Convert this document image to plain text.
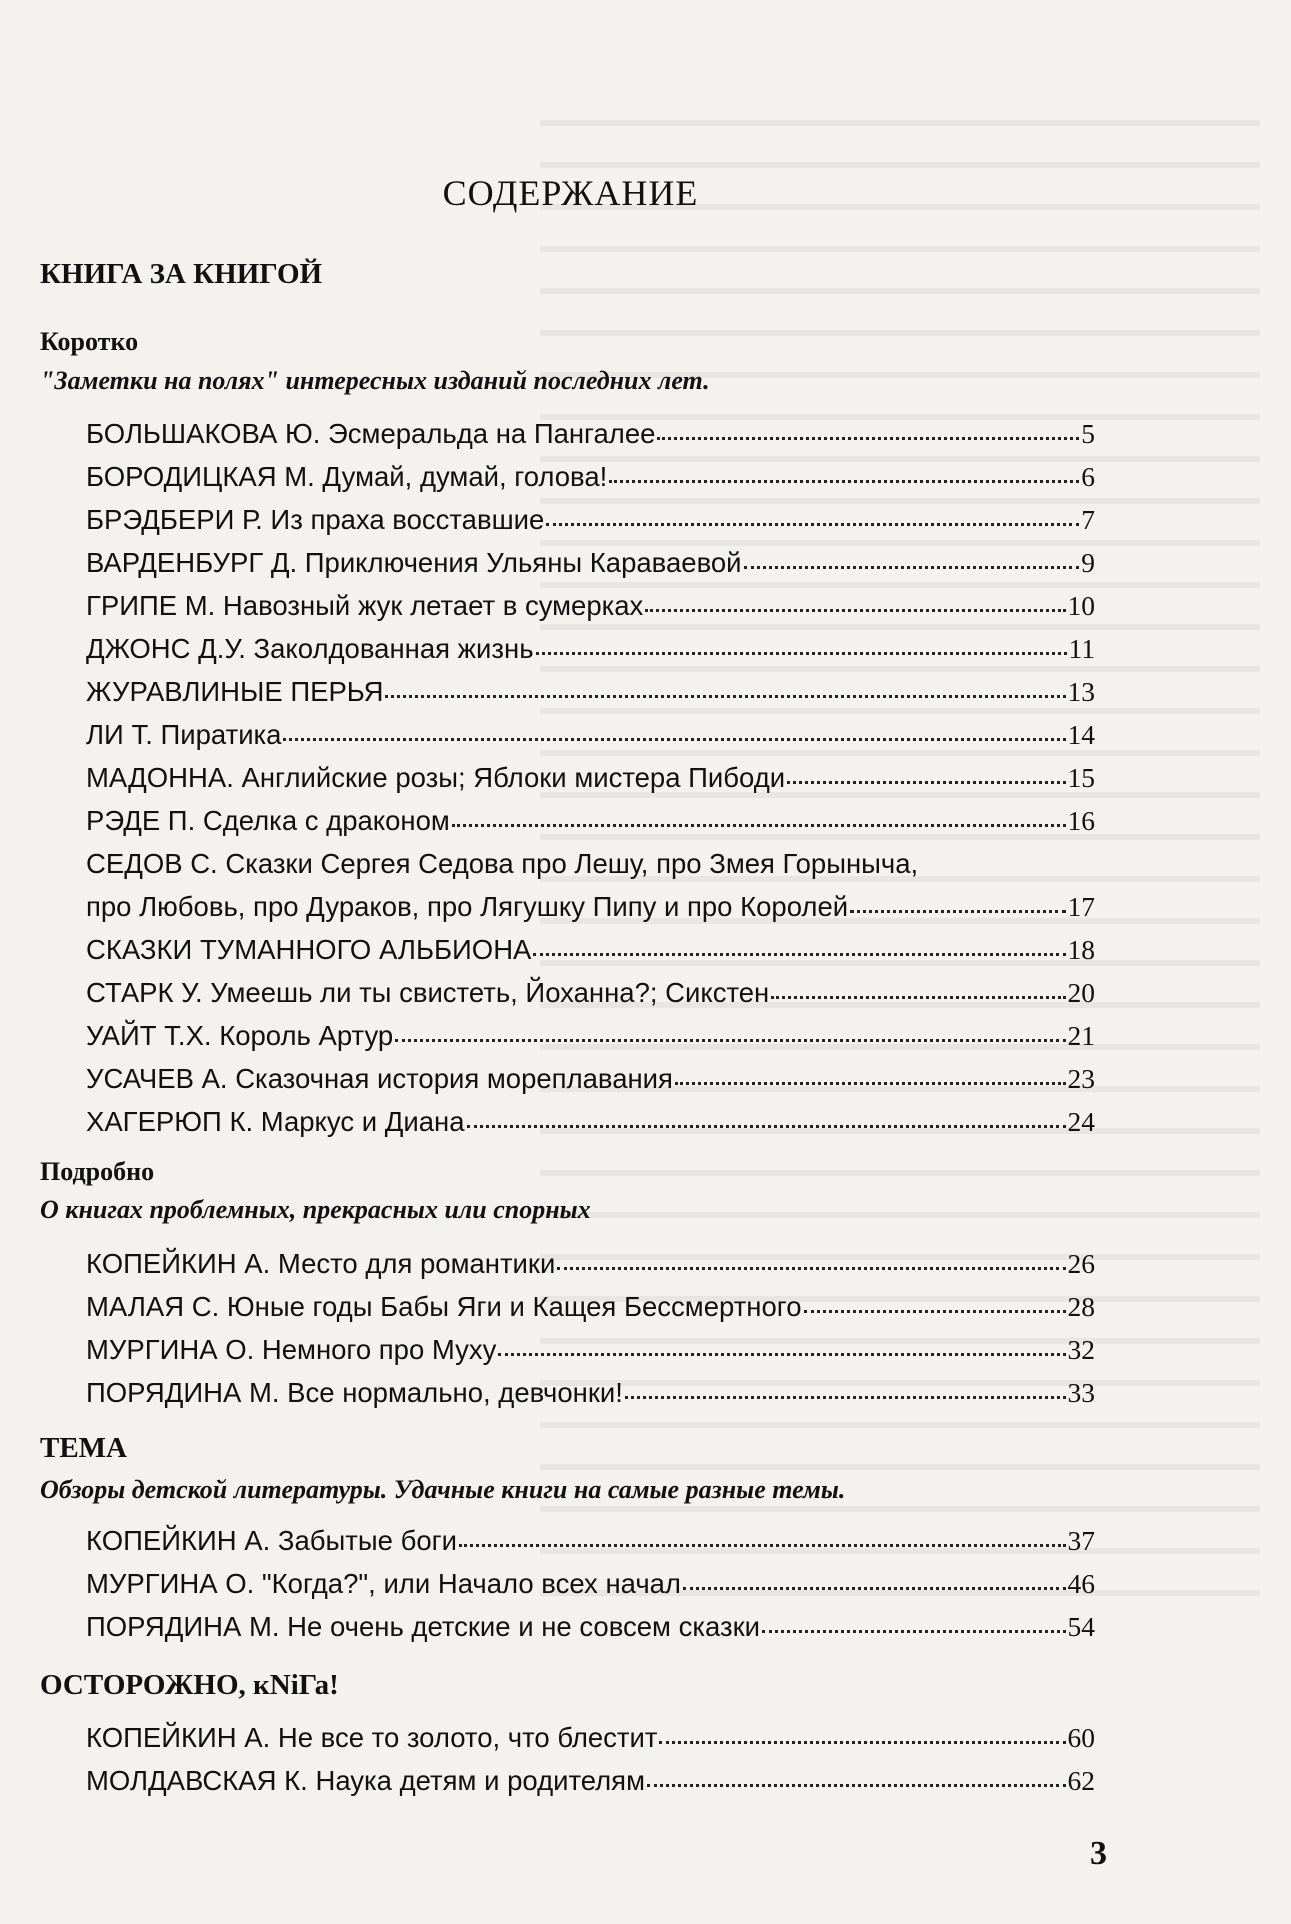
СОДЕРЖАНИЕ
КНИГА ЗА КНИГОЙ
Коротко
"Заметки на полях" интересных изданий последних лет.
БОЛЬШАКОВА Ю. Эсмеральда на Пангалее	5
БОРОДИЦКАЯ М. Думай, думай, голова!	6
БРЭДБЕРИ Р. Из праха восставшие	7
ВАРДЕНБУРГ Д. Приключения Ульяны Караваевой	9
ГРИПЕ М. Навозный жук летает в сумерках	10
ДЖОНС Д.У. Заколдованная жизнь	11
ЖУРАВЛИНЫЕ ПЕРЬЯ	13
ЛИ Т. Пиратика	14
МАДОННА. Английские розы; Яблоки мистера Пибоди	15
РЭДЕ П. Сделка с драконом	16
СЕДОВ С. Сказки Сергея Седова про Лешу, про Змея Горыныча,
про Любовь, про Дураков, про Лягушку Пипу и про Королей	17
СКАЗКИ ТУМАННОГО АЛЬБИОНА	18
СТАРК У. Умеешь ли ты свистеть, Йоханна?; Сикстен	20
УАЙТ Т.Х. Король Артур	21
УСАЧЕВ А. Сказочная история мореплавания	23
ХАГЕРЮП К. Маркус и Диана	24
Подробно
О книгах проблемных, прекрасных или спорных
КОПЕЙКИН А. Место для романтики	26
МАЛАЯ С. Юные годы Бабы Яги и Кащея Бессмертного	28
МУРГИНА О. Немного про Муху	32
ПОРЯДИНА М. Все нормально, девчонки!	33
ТЕМА
Обзоры детской литературы. Удачные книги на самые разные темы.
КОПЕЙКИН А. Забытые боги	37
МУРГИНА О. "Когда?", или Начало всех начал	46
ПОРЯДИНА М. Не очень детские и не совсем сказки	54
ОСТОРОЖНО, кNiГа!
КОПЕЙКИН А. Не все то золото, что блестит	60
МОЛДАВСКАЯ К. Наука детям и родителям	62
3
